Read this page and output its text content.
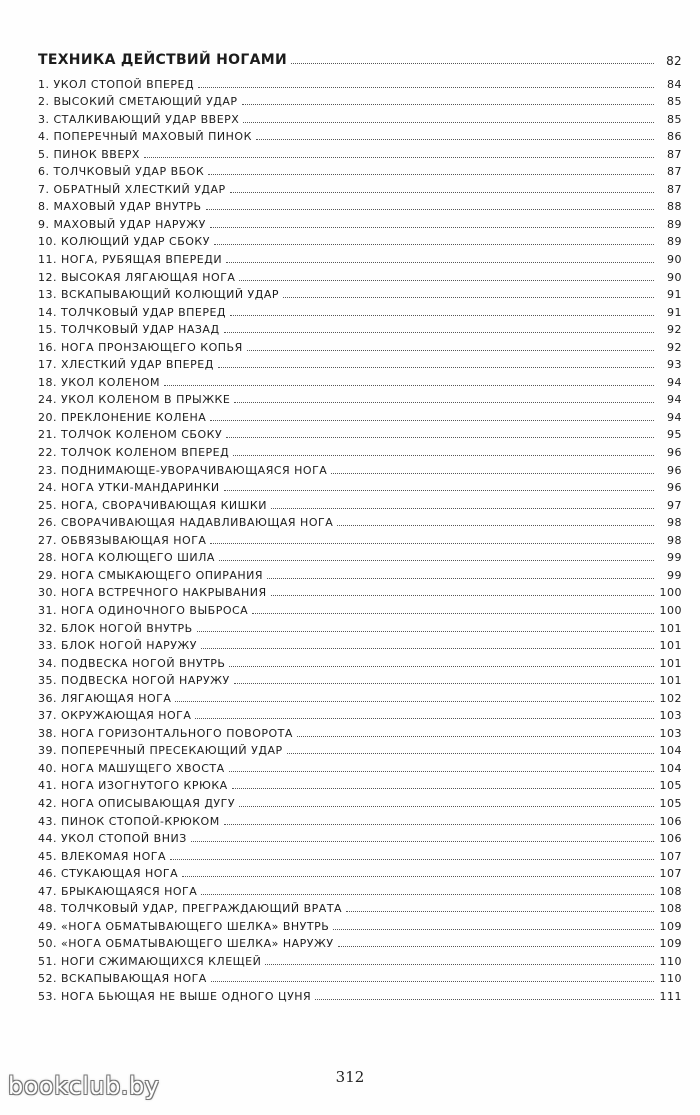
ТЕХНИКА ДЕЙСТВИЙ НОГАМИ	82
1. УКОЛ СТОПОЙ ВПЕРЕД	84
2. ВЫСОКИЙ СМЕТАЮЩИЙ УДАР	85
3. СТАЛКИВАЮЩИЙ УДАР ВВЕРХ	85
4. ПОПЕРЕЧНЫЙ МАХОВЫЙ ПИНОК	86
5. ПИНОК ВВЕРХ	87
6. ТОЛЧКОВЫЙ УДАР ВБОК	87
7. ОБРАТНЫЙ ХЛЕСТКИЙ УДАР	87
8. МАХОВЫЙ УДАР ВНУТРЬ	88
9. МАХОВЫЙ УДАР НАРУЖУ	89
10. КОЛЮЩИЙ УДАР СБОКУ	89
11. НОГА, РУБЯЩАЯ ВПЕРЕДИ	90
12. ВЫСОКАЯ ЛЯГАЮЩАЯ НОГА	90
13. ВСКАПЫВАЮЩИЙ КОЛЮЩИЙ УДАР	91
14. ТОЛЧКОВЫЙ УДАР ВПЕРЕД	91
15. ТОЛЧКОВЫЙ УДАР НАЗАД	92
16. НОГА ПРОНЗАЮЩЕГО КОПЬЯ	92
17. ХЛЕСТКИЙ УДАР ВПЕРЕД	93
18. УКОЛ КОЛЕНОМ	94
24. УКОЛ КОЛЕНОМ В ПРЫЖКЕ	94
20. ПРЕКЛОНЕНИЕ КОЛЕНА	94
21. ТОЛЧОК КОЛЕНОМ СБОКУ	95
22. ТОЛЧОК КОЛЕНОМ ВПЕРЕД	96
23. ПОДНИМАЮЩЕ-УВОРАЧИВАЮЩАЯСЯ НОГА	96
24. НОГА УТКИ-МАНДАРИНКИ	96
25. НОГА, СВОРАЧИВАЮЩАЯ КИШКИ	97
26. СВОРАЧИВАЮЩАЯ НАДАВЛИВАЮЩАЯ НОГА	98
27. ОБВЯЗЫВАЮЩАЯ НОГА	98
28. НОГА КОЛЮЩЕГО ШИЛА	99
29. НОГА СМЫКАЮЩЕГО ОПИРАНИЯ	99
30. НОГА ВСТРЕЧНОГО НАКРЫВАНИЯ	100
31. НОГА ОДИНОЧНОГО ВЫБРОСА	100
32. БЛОК НОГОЙ ВНУТРЬ	101
33. БЛОК НОГОЙ НАРУЖУ	101
34. ПОДВЕСКА НОГОЙ ВНУТРЬ	101
35. ПОДВЕСКА НОГОЙ НАРУЖУ	101
36. ЛЯГАЮЩАЯ НОГА	102
37. ОКРУЖАЮЩАЯ НОГА	103
38. НОГА ГОРИЗОНТАЛЬНОГО ПОВОРОТА	103
39. ПОПЕРЕЧНЫЙ ПРЕСЕКАЮЩИЙ УДАР	104
40. НОГА МАШУЩЕГО ХВОСТА	104
41. НОГА ИЗОГНУТОГО КРЮКА	105
42. НОГА ОПИСЫВАЮЩАЯ ДУГУ	105
43. ПИНОК СТОПОЙ-КРЮКОМ	106
44. УКОЛ СТОПОЙ ВНИЗ	106
45. ВЛЕКОМАЯ НОГА	107
46. СТУКАЮЩАЯ НОГА	107
47. БРЫКАЮЩАЯСЯ НОГА	108
48. ТОЛЧКОВЫЙ УДАР, ПРЕГРАЖДАЮЩИЙ ВРАТА	108
49. «НОГА ОБМАТЫВАЮЩЕГО ШЕЛКА» ВНУТРЬ	109
50. «НОГА ОБМАТЫВАЮЩЕГО ШЕЛКА» НАРУЖУ	109
51. НОГИ СЖИМАЮЩИХСЯ КЛЕЩЕЙ	110
52. ВСКАПЫВАЮЩАЯ НОГА	110
53. НОГА БЬЮЩАЯ НЕ ВЫШЕ ОДНОГО ЦУНЯ	111
312
bookclub.by
